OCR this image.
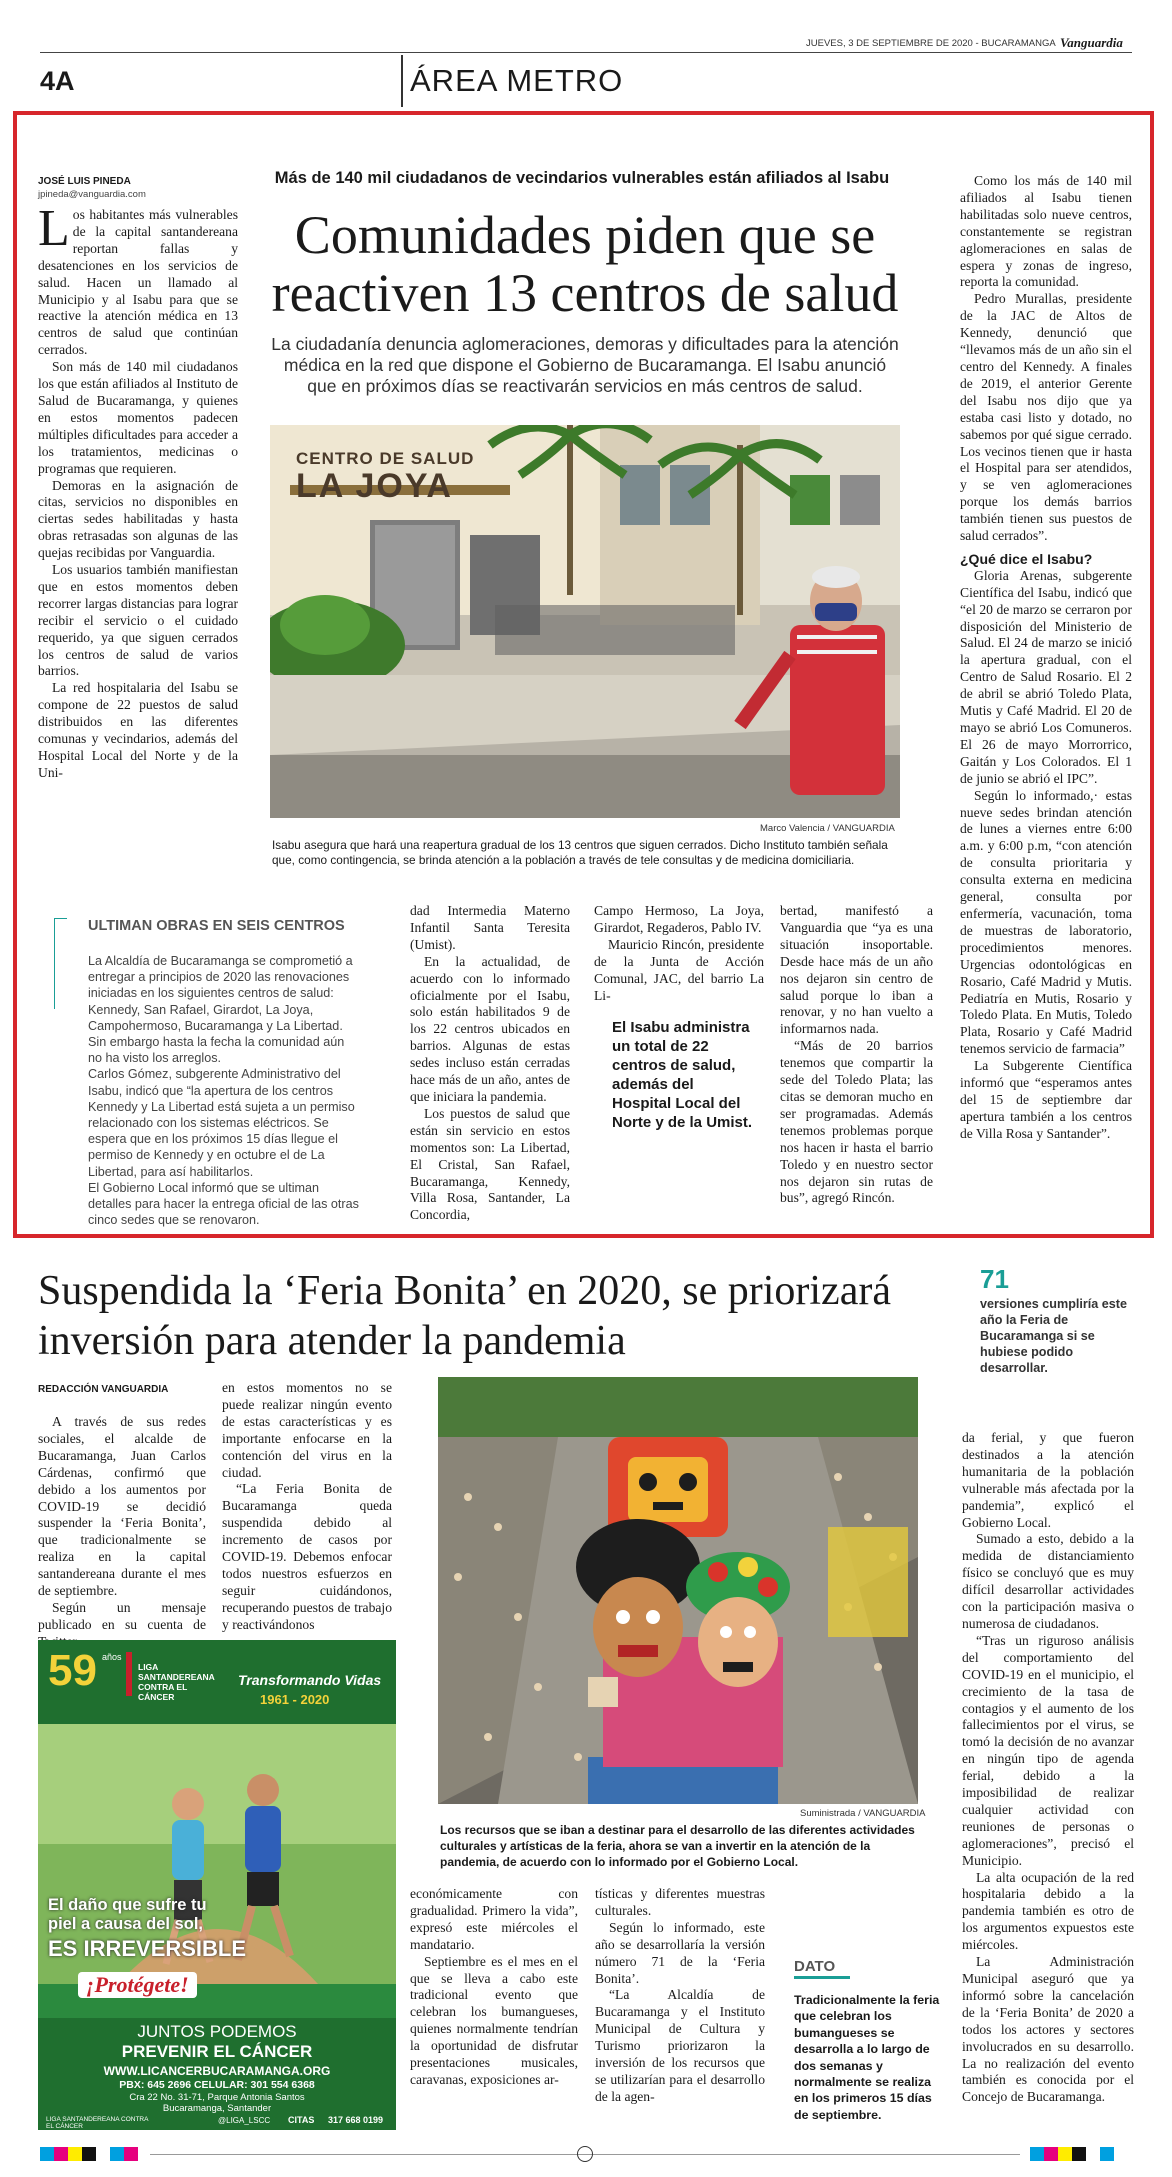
JUEVES, 3 DE SEPTIEMBRE DE 2020 - BUCARAMANGA Vanguardia
4A	ÁREA METRO
JOSÉ LUIS PINEDA
jpineda@vanguardia.com
Más de 140 mil ciudadanos de vecindarios vulnerables están afiliados al Isabu
Comunidades piden que se reactiven 13 centros de salud
La ciudadanía denuncia aglomeraciones, demoras y dificultades para la atención médica en la red que dispone el Gobierno de Bucaramanga. El Isabu anunció que en próximos días se reactivarán servicios en más centros de salud.

Los habitantes más vulnerables de la capital santandereana reportan fallas y desatenciones en los servicios de salud. Hacen un llamado al Municipio y al Isabu para que se reactive la atención médica en 13 centros de salud que continúan cerrados.

Son más de 140 mil ciudadanos los que están afiliados al Instituto de Salud de Bucaramanga, y quienes en estos momentos padecen múltiples dificultades para acceder a los tratamientos, medicinas o programas que requieren.

Demoras en la asignación de citas, servicios no disponibles en ciertas sedes habilitadas y hasta obras retrasadas son algunas de las quejas recibidas por Vanguardia.

Los usuarios también manifiestan que en estos momentos deben recorrer largas distancias para lograr recibir el servicio o el cuidado requerido, ya que siguen cerrados los centros de salud de varios barrios.

La red hospitalaria del Isabu se compone de 22 puestos de salud distribuidos en las diferentes comunas y vecindarios, además del Hospital Local del Norte y de la Uni-

CENTRO DE SALUD
LA JOYA
Marco Valencia / VANGUARDIA
Isabu asegura que hará una reapertura gradual de los 13 centros que siguen cerrados. Dicho Instituto también señala que, como contingencia, se brinda atención a la población a través de tele consultas y de medicina domiciliaria.
ULTIMAN OBRAS EN SEIS CENTROS

La Alcaldía de Bucaramanga se comprometió a entregar a principios de 2020 las renovaciones iniciadas en los siguientes centros de salud: Kennedy, San Rafael, Girardot, La Joya, Campohermoso, Bucaramanga y La Libertad. Sin embargo hasta la fecha la comunidad aún no ha visto los arreglos.

Carlos Gómez, subgerente Administrativo del Isabu, indicó que “la apertura de los centros Kennedy y La Libertad está sujeta a un permiso relacionado con los sistemas eléctricos. Se espera que en los próximos 15 días llegue el permiso de Kennedy y en octubre el de La Libertad, para así habilitarlos.

El Gobierno Local informó que se ultiman detalles para hacer la entrega oficial de las otras cinco sedes que se renovaron.

dad Intermedia Materno Infantil Santa Teresita (Umist).

En la actualidad, de acuerdo con lo informado oficialmente por el Isabu, solo están habilitados 9 de los 22 centros ubicados en barrios. Algunas de estas sedes incluso están cerradas hace más de un año, antes de que iniciara la pandemia.

Los puestos de salud que están sin servicio en estos momentos son: La Libertad, El Cristal, San Rafael, Bucaramanga, Kennedy, Villa Rosa, Santander, La Concordia,

Campo Hermoso, La Joya, Girardot, Regaderos, Pablo IV.

Mauricio Rincón, presidente de la Junta de Acción Comunal, JAC, del barrio La Li-

El Isabu administra un total de 22 centros de salud, además del Hospital Local del Norte y de la Umist.

bertad, manifestó a Vanguardia que “ya es una situación insoportable. Desde hace más de un año nos dejaron sin centro de salud porque lo iban a renovar, y no han vuelto a informarnos nada.

“Más de 20 barrios tenemos que compartir la sede del Toledo Plata; las citas se demoran mucho en ser programadas. Además tenemos problemas porque nos hacen ir hasta el barrio Toledo y en nuestro sector nos dejaron sin rutas de bus”, agregó Rincón.

Como los más de 140 mil afiliados al Isabu tienen habilitadas solo nueve centros, constantemente se registran aglomeraciones en salas de espera y zonas de ingreso, reporta la comunidad.

Pedro Murallas, presidente de la JAC de Altos de Kennedy, denunció que “llevamos más de un año sin el centro del Kennedy. A finales de 2019, el anterior Gerente del Isabu nos dijo que ya estaba casi listo y dotado, no sabemos por qué sigue cerrado. Los vecinos tienen que ir hasta el Hospital para ser atendidos, y se ven aglomeraciones porque los demás barrios también tienen sus puestos de salud cerrados”.

¿Qué dice el Isabu?

Gloria Arenas, subgerente Científica del Isabu, indicó que “el 20 de marzo se cerraron por disposición del Ministerio de Salud. El 24 de marzo se inició la apertura gradual, con el Centro de Salud Rosario. El 2 de abril se abrió Toledo Plata, Mutis y Café Madrid. El 20 de mayo se abrió Los Comuneros. El 26 de mayo Morrorrico, Gaitán y Los Colorados. El 1 de junio se abrió el IPC”.

Según lo informado,· estas nueve sedes brindan atención de lunes a viernes entre 6:00 a.m. y 6:00 p.m, “con atención de consulta prioritaria y consulta externa en medicina general, consulta por enfermería, vacunación, toma de muestras de laboratorio, procedimientos menores. Urgencias odontológicas en Rosario, Café Madrid y Mutis. Pediatría en Mutis, Rosario y Toledo Plata. En Mutis, Toledo Plata, Rosario y Café Madrid tenemos servicio de farmacia”

La Subgerente Científica informó que “esperamos antes del 15 de septiembre dar apertura también a los centros de Villa Rosa y Santander”.

Suspendida la ‘Feria Bonita’ en 2020, se priorizará inversión para atender la pandemia
71
versiones cumpliría este año la Feria de Bucaramanga si se hubiese podido desarrollar.
REDACCIÓN VANGUARDIA

A través de sus redes sociales, el alcalde de Bucaramanga, Juan Carlos Cárdenas, confirmó que debido a los aumentos por COVID-19 se decidió suspender la ‘Feria Bonita’, que tradicionalmente se realiza en la capital santandereana durante el mes de septiembre.

Según un mensaje publicado en su cuenta de

en estos momentos no se puede realizar ningún evento de estas características y es importante enfocarse en la contención del virus en la ciudad.

“La Feria Bonita de Bucaramanga queda suspendida debido al incremento de casos por COVID-19. Debemos enfocar todos nuestros esfuerzos en seguir cuidándonos, recuperando puestos de trabajo y reactivándonos

Suministrada / VANGUARDIA
Los recursos que se iban a destinar para el desarrollo de las diferentes actividades culturales y artísticas de la feria, ahora se van a invertir en la atención de la pandemia, de acuerdo con lo informado por el Gobierno Local.

económicamente con gradualidad. Primero la vida”, expresó este miércoles el mandatario.

Septiembre es el mes en el que se lleva a cabo este tradicional evento que celebran los bumangueses, quienes normalmente tendrían la oportunidad de disfrutar presentaciones musicales, caravanas, exposiciones ar-

tísticas y diferentes muestras culturales.

Según lo informado, este año se desarrollaría la versión número 71 de la ‘Feria Bonita’.

“La Alcaldía de Bucaramanga y el Instituto Municipal de Cultura y Turismo priorizaron la inversión de los recursos que se utilizarían para el desarrollo de la agen-

DATO
Tradicionalmente la feria que celebran los bumangueses se desarrolla a lo largo de dos semanas y normalmente se realiza en los primeros 15 días de septiembre.

da ferial, y que fueron destinados a la atención humanitaria de la población vulnerable más afectada por la pandemia”, explicó el Gobierno Local.

Sumado a esto, debido a la medida de distanciamiento físico se concluyó que es muy difícil desarrollar actividades con la participación masiva o numerosa de ciudadanos.

“Tras un riguroso análisis del comportamiento del COVID-19 en el municipio, el crecimiento de la tasa de contagios y el aumento de los fallecimientos por el virus, se tomó la decisión de no avanzar en ningún tipo de agenda ferial, debido a la imposibilidad de realizar cualquier actividad con reuniones de personas o aglomeraciones”, precisó el Municipio.

La alta ocupación de la red hospitalaria debido a la pandemia también es otro de los argumentos expuestos este miércoles.

La Administración Municipal aseguró que ya informó sobre la cancelación de la ‘Feria Bonita’ de 2020 a todos los actores y sectores involucrados en su desarrollo. La no realización del evento también es conocida por el Concejo de Bucaramanga.

59 años
LIGA
SANTANDEREANA
CONTRA EL
CÁNCER
Transformando Vidas
1961 - 2020
El daño que sufre tu
piel a causa del sol,
ES IRREVERSIBLE
¡Protégete!
JUNTOS PODEMOS
PREVENIR EL CÁNCER
WWW.LICANCERBUCARAMANGA.ORG
PBX: 645 2696 CELULAR: 301 554 6368
Cra 22 No. 31-71, Parque Antonia Santos
Bucaramanga, Santander
LIGA SANTANDEREANA CONTRA EL CÁNCER
@LIGA_LSCC CITAS 317 668 0199
